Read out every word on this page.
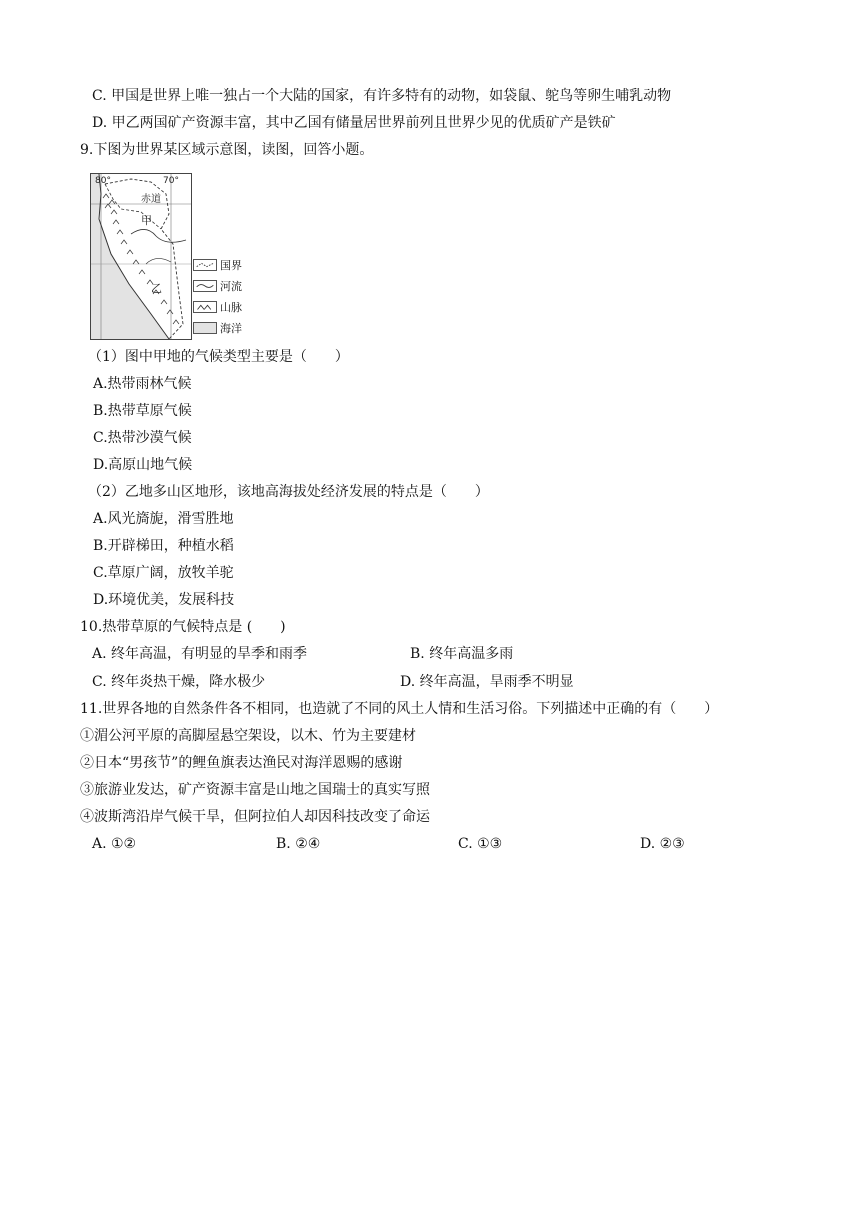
C. 甲国是世界上唯一独占一个大陆的国家，有许多特有的动物，如袋鼠、鸵鸟等卵生哺乳动物
D. 甲乙两国矿产资源丰富，其中乙国有储量居世界前列且世界少见的优质矿产是铁矿
9.下图为世界某区域示意图，读图，回答小题。
80°	70°
赤道
甲
乙
国界
河流
山脉
海洋
（1）图中甲地的气候类型主要是（　　）
A.热带雨林气候
B.热带草原气候
C.热带沙漠气候
D.高原山地气候
（2）乙地多山区地形，该地高海拔处经济发展的特点是（　　）
A.风光旖旎，滑雪胜地
B.开辟梯田，种植水稻
C.草原广阔，放牧羊驼
D.环境优美，发展科技
10.热带草原的气候特点是 (　　)
A. 终年高温，有明显的旱季和雨季	B. 终年高温多雨
C. 终年炎热干燥，降水极少	D. 终年高温，旱雨季不明显
11.世界各地的自然条件各不相同，也造就了不同的风土人情和生活习俗。下列描述中正确的有（　　）
①湄公河平原的高脚屋悬空架设，以木、竹为主要建材
②日本“男孩节”的鲤鱼旗表达渔民对海洋恩赐的感谢
③旅游业发达，矿产资源丰富是山地之国瑞士的真实写照
④波斯湾沿岸气候干旱，但阿拉伯人却因科技改变了命运
A. ①②	B. ②④	C. ①③	D. ②③
